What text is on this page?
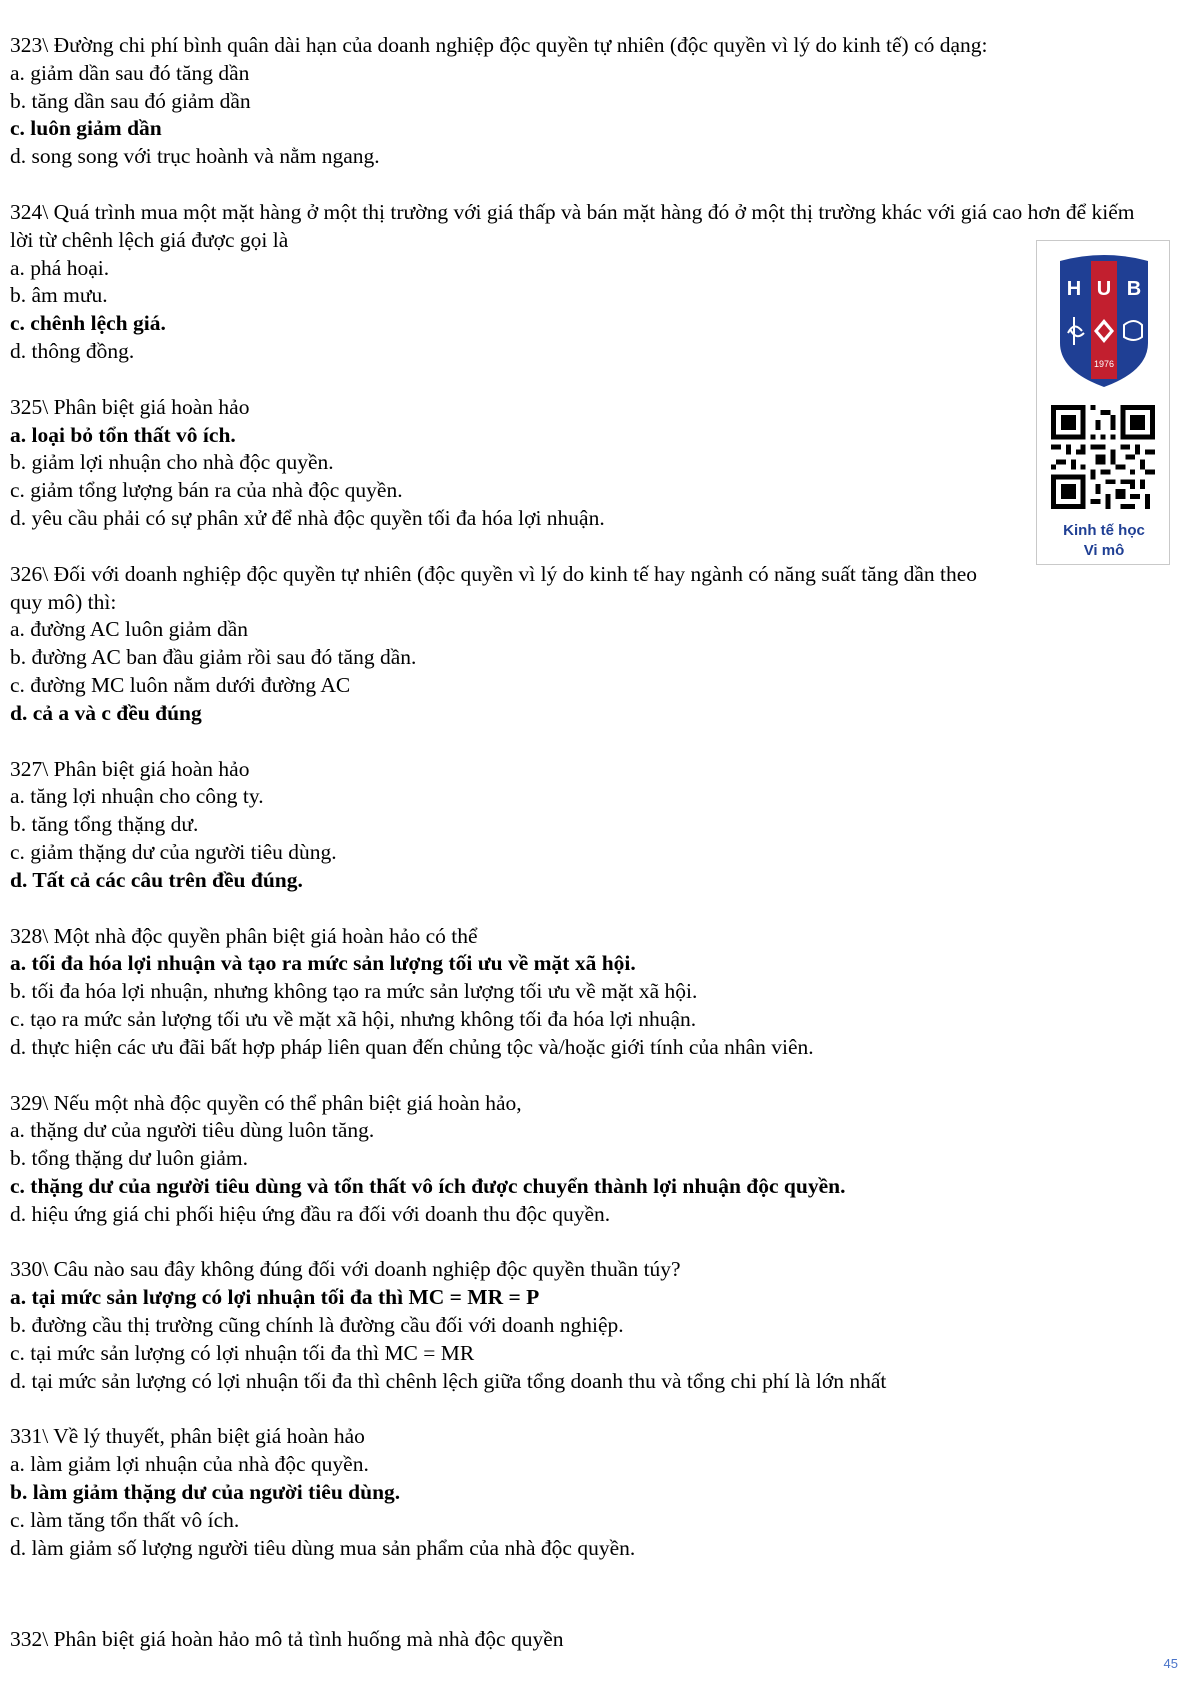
323\ Đường chi phí bình quân dài hạn của doanh nghiệp độc quyền tự nhiên (độc quyền vì lý do kinh tế) có dạng:
a. giảm dần sau đó tăng dần
b. tăng dần sau đó giảm dần
c. luôn giảm dần
d. song song với trục hoành và nằm ngang.
324\ Quá trình mua một mặt hàng ở một thị trường với giá thấp và bán mặt hàng đó ở một thị trường khác với giá cao hơn để kiếm lời từ chênh lệch giá được gọi là
a. phá hoại.
b. âm mưu.
c. chênh lệch giá.
d. thông đồng.
325\ Phân biệt giá hoàn hảo
a. loại bỏ tổn thất vô ích.
b. giảm lợi nhuận cho nhà độc quyền.
c. giảm tổng lượng bán ra của nhà độc quyền.
d. yêu cầu phải có sự phân xử để nhà độc quyền tối đa hóa lợi nhuận.
326\ Đối với doanh nghiệp độc quyền tự nhiên (độc quyền vì lý do kinh tế hay ngành có năng suất tăng dần theo quy mô) thì:
a. đường AC luôn giảm dần
b. đường AC ban đầu giảm rồi sau đó tăng dần.
c. đường MC luôn nằm dưới đường AC
d. cả a và c đều đúng
327\ Phân biệt giá hoàn hảo
a. tăng lợi nhuận cho công ty.
b. tăng tổng thặng dư.
c. giảm thặng dư của người tiêu dùng.
d. Tất cả các câu trên đều đúng.
328\ Một nhà độc quyền phân biệt giá hoàn hảo có thể
a. tối đa hóa lợi nhuận và tạo ra mức sản lượng tối ưu về mặt xã hội.
b. tối đa hóa lợi nhuận, nhưng không tạo ra mức sản lượng tối ưu về mặt xã hội.
c. tạo ra mức sản lượng tối ưu về mặt xã hội, nhưng không tối đa hóa lợi nhuận.
d. thực hiện các ưu đãi bất hợp pháp liên quan đến chủng tộc và/hoặc giới tính của nhân viên.
329\ Nếu một nhà độc quyền có thể phân biệt giá hoàn hảo,
a. thặng dư của người tiêu dùng luôn tăng.
b. tổng thặng dư luôn giảm.
c. thặng dư của người tiêu dùng và tổn thất vô ích được chuyển thành lợi nhuận độc quyền.
d. hiệu ứng giá chi phối hiệu ứng đầu ra đối với doanh thu độc quyền.
330\ Câu nào sau đây không đúng đối với doanh nghiệp độc quyền thuần túy?
a. tại mức sản lượng có lợi nhuận tối đa thì MC = MR = P
b. đường cầu thị trường cũng chính là đường cầu đối với doanh nghiệp.
c. tại mức sản lượng có lợi nhuận tối đa thì MC = MR
d. tại mức sản lượng có lợi nhuận tối đa thì chênh lệch giữa tổng doanh thu và tổng chi phí là lớn nhất
331\ Về lý thuyết, phân biệt giá hoàn hảo
a. làm giảm lợi nhuận của nhà độc quyền.
b. làm giảm thặng dư của người tiêu dùng.
c. làm tăng tổn thất vô ích.
d. làm giảm số lượng người tiêu dùng mua sản phẩm của nhà độc quyền.
332\ Phân biệt giá hoàn hảo mô tả tình huống mà nhà độc quyền
H U B
1976
Kinh tế học
Vi mô
45
